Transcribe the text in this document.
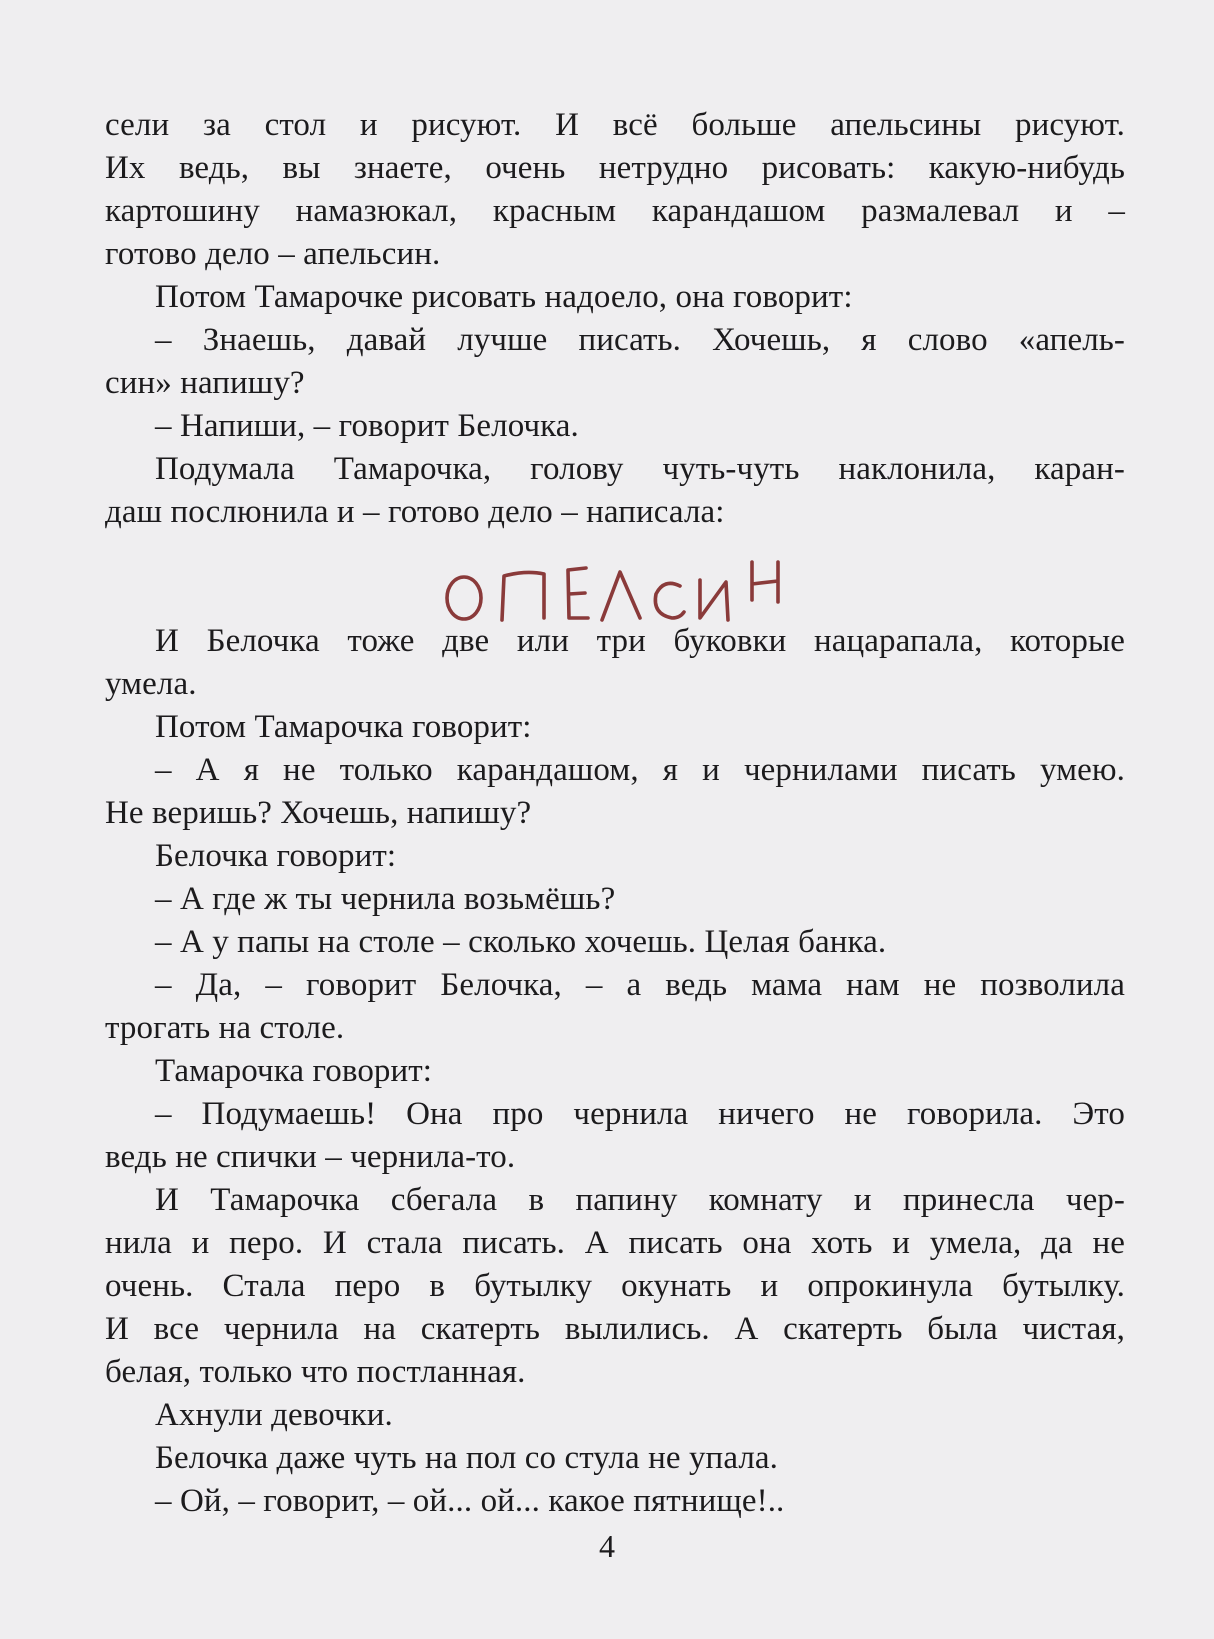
сели за стол и рисуют. И всё больше апельсины рисуют.
Их ведь, вы знаете, очень нетрудно рисовать: какую-нибудь
картошину намазюкал, красным карандашом размалевал и –
готово дело – апельсин.
Потом Тамарочке рисовать надоело, она говорит:
– Знаешь, давай лучше писать. Хочешь, я слово «апель-
син» напишу?
– Напиши, – говорит Белочка.
Подумала Тамарочка, голову чуть-чуть наклонила, каран-
даш послюнила и – готово дело – написала:
И Белочка тоже две или три буковки нацарапала, которые
умела.
Потом Тамарочка говорит:
– А я не только карандашом, я и чернилами писать умею.
Не веришь? Хочешь, напишу?
Белочка говорит:
– А где ж ты чернила возьмёшь?
– А у папы на столе – сколько хочешь. Целая банка.
– Да, – говорит Белочка, – а ведь мама нам не позволила
трогать на столе.
Тамарочка говорит:
– Подумаешь! Она про чернила ничего не говорила. Это
ведь не спички – чернила-то.
И Тамарочка сбегала в папину комнату и принесла чер-
нила и перо. И стала писать. А писать она хоть и умела, да не
очень. Стала перо в бутылку окунать и опрокинула бутылку.
И все чернила на скатерть вылились. А скатерть была чистая,
белая, только что постланная.
Ахнули девочки.
Белочка даже чуть на пол со стула не упала.
– Ой, – говорит, – ой... ой... какое пятнище!..
4
